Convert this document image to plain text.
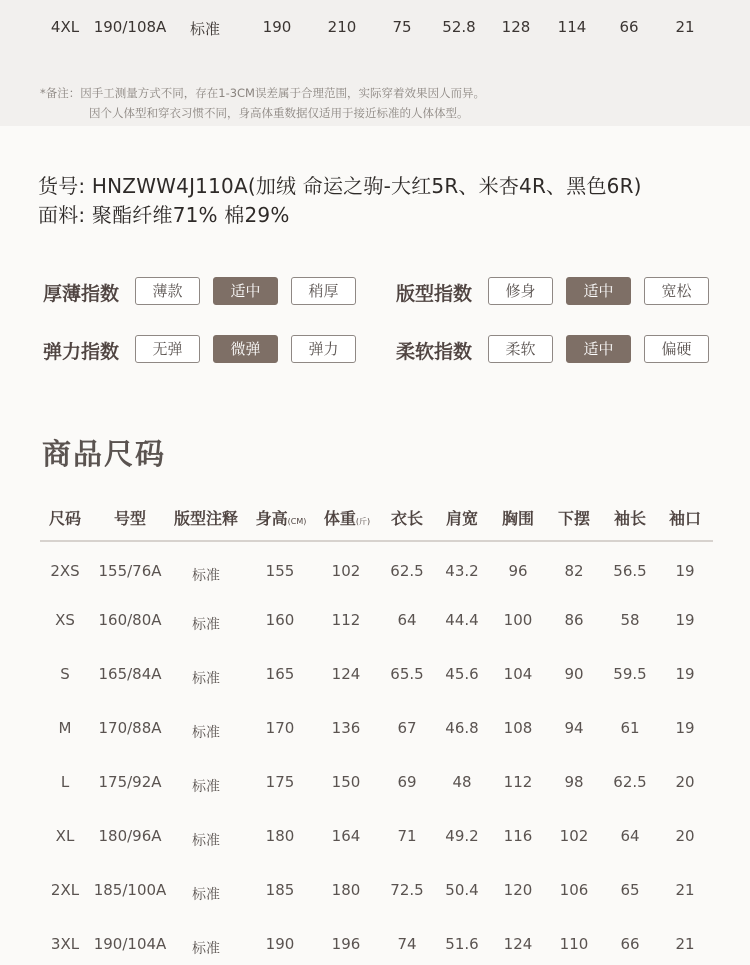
4XL 190/108A 标准	190 210 75 52.8 128 114 66 21
*备注：因手工测量方式不同，存在1-3CM误差属于合理范围，实际穿着效果因人而异。
因个人体型和穿衣习惯不同，身高体重数据仅适用于接近标准的人体体型。
货号: HNZWW4J110A(加绒 命运之驹-大红5R、米杏4R、黑色6R)
面料: 聚酯纤维71% 棉29%
厚薄指数	薄款	适中	稍厚	版型指数	修身	适中	宽松
弹力指数	无弹	微弹	弹力	柔软指数	柔软	适中	偏硬
商品尺码
尺码 号型 版型注释 身高(CM) 体重(斤) 衣长 肩宽 胸围 下摆 袖长 袖口
2XS 155/76A 标准	155 102 62.5 43.2 96 82 56.5 19
XS 160/80A 标准	160 112 64 44.4 100 86 58 19
S 165/84A 标准	165 124 65.5 45.6 104 90 59.5 19
M 170/88A 标准	170 136 67 46.8 108 94 61 19
L 175/92A 标准	175 150 69 48 112 98 62.5 20
XL 180/96A 标准	180 164 71 49.2 116 102 64 20
2XL 185/100A 标准	185 180 72.5 50.4 120 106 65 21
3XL 190/104A 标准	190 196 74 51.6 124 110 66 21
